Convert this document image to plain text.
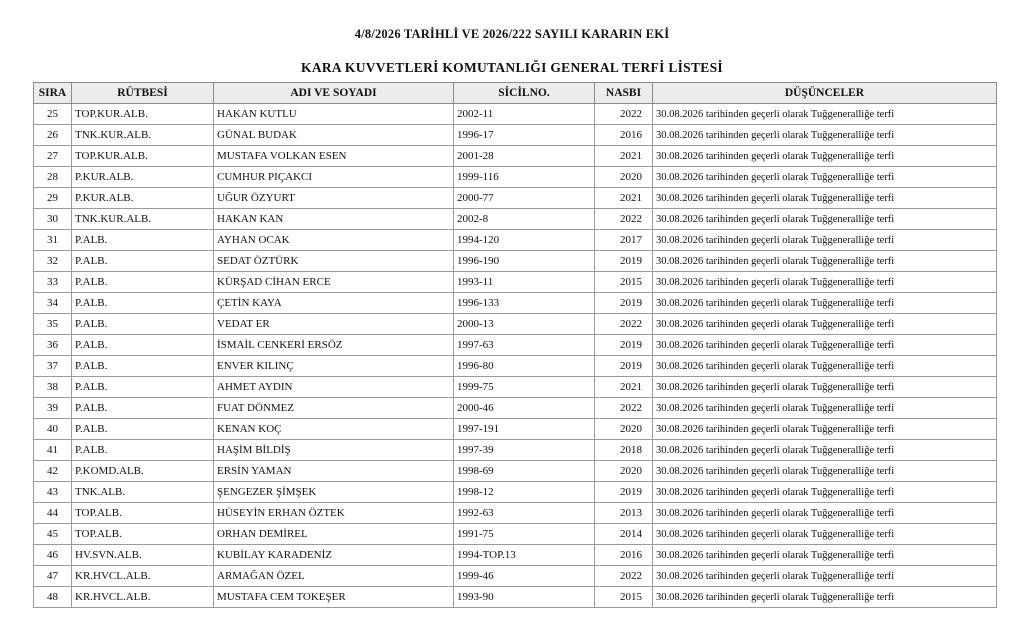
4/8/2026 TARİHLİ VE 2026/222 SAYILI KARARIN EKİ
KARA KUVVETLERİ KOMUTANLIĞI GENERAL TERFİ LİSTESİ
SIRA	RÜTBESİ	ADI VE SOYADI	SİCİLNO.	NASBI	DÜŞÜNCELER
25	TOP.KUR.ALB.	HAKAN KUTLU	2002-11	2022	30.08.2026 tarihinden geçerli olarak Tuğgeneralliğe terfi
26	TNK.KUR.ALB.	GÜNAL BUDAK	1996-17	2016	30.08.2026 tarihinden geçerli olarak Tuğgeneralliğe terfi
27	TOP.KUR.ALB.	MUSTAFA VOLKAN ESEN	2001-28	2021	30.08.2026 tarihinden geçerli olarak Tuğgeneralliğe terfi
28	P.KUR.ALB.	CUMHUR PIÇAKCI	1999-116	2020	30.08.2026 tarihinden geçerli olarak Tuğgeneralliğe terfi
29	P.KUR.ALB.	UĞUR ÖZYURT	2000-77	2021	30.08.2026 tarihinden geçerli olarak Tuğgeneralliğe terfi
30	TNK.KUR.ALB.	HAKAN KAN	2002-8	2022	30.08.2026 tarihinden geçerli olarak Tuğgeneralliğe terfi
31	P.ALB.	AYHAN OCAK	1994-120	2017	30.08.2026 tarihinden geçerli olarak Tuğgeneralliğe terfi
32	P.ALB.	SEDAT ÖZTÜRK	1996-190	2019	30.08.2026 tarihinden geçerli olarak Tuğgeneralliğe terfi
33	P.ALB.	KÜRŞAD CİHAN ERCE	1993-11	2015	30.08.2026 tarihinden geçerli olarak Tuğgeneralliğe terfi
34	P.ALB.	ÇETİN KAYA	1996-133	2019	30.08.2026 tarihinden geçerli olarak Tuğgeneralliğe terfi
35	P.ALB.	VEDAT ER	2000-13	2022	30.08.2026 tarihinden geçerli olarak Tuğgeneralliğe terfi
36	P.ALB.	İSMAİL CENKERİ ERSÖZ	1997-63	2019	30.08.2026 tarihinden geçerli olarak Tuğgeneralliğe terfi
37	P.ALB.	ENVER KILINÇ	1996-80	2019	30.08.2026 tarihinden geçerli olarak Tuğgeneralliğe terfi
38	P.ALB.	AHMET AYDIN	1999-75	2021	30.08.2026 tarihinden geçerli olarak Tuğgeneralliğe terfi
39	P.ALB.	FUAT DÖNMEZ	2000-46	2022	30.08.2026 tarihinden geçerli olarak Tuğgeneralliğe terfi
40	P.ALB.	KENAN KOÇ	1997-191	2020	30.08.2026 tarihinden geçerli olarak Tuğgeneralliğe terfi
41	P.ALB.	HAŞİM BİLDİŞ	1997-39	2018	30.08.2026 tarihinden geçerli olarak Tuğgeneralliğe terfi
42	P.KOMD.ALB.	ERSİN YAMAN	1998-69	2020	30.08.2026 tarihinden geçerli olarak Tuğgeneralliğe terfi
43	TNK.ALB.	ŞENGEZER ŞİMŞEK	1998-12	2019	30.08.2026 tarihinden geçerli olarak Tuğgeneralliğe terfi
44	TOP.ALB.	HÜSEYİN ERHAN ÖZTEK	1992-63	2013	30.08.2026 tarihinden geçerli olarak Tuğgeneralliğe terfi
45	TOP.ALB.	ORHAN DEMİREL	1991-75	2014	30.08.2026 tarihinden geçerli olarak Tuğgeneralliğe terfi
46	HV.SVN.ALB.	KUBİLAY KARADENİZ	1994-TOP.13	2016	30.08.2026 tarihinden geçerli olarak Tuğgeneralliğe terfi
47	KR.HVCL.ALB.	ARMAĞAN ÖZEL	1999-46	2022	30.08.2026 tarihinden geçerli olarak Tuğgeneralliğe terfi
48	KR.HVCL.ALB.	MUSTAFA CEM TOKEŞER	1993-90	2015	30.08.2026 tarihinden geçerli olarak Tuğgeneralliğe terfi
